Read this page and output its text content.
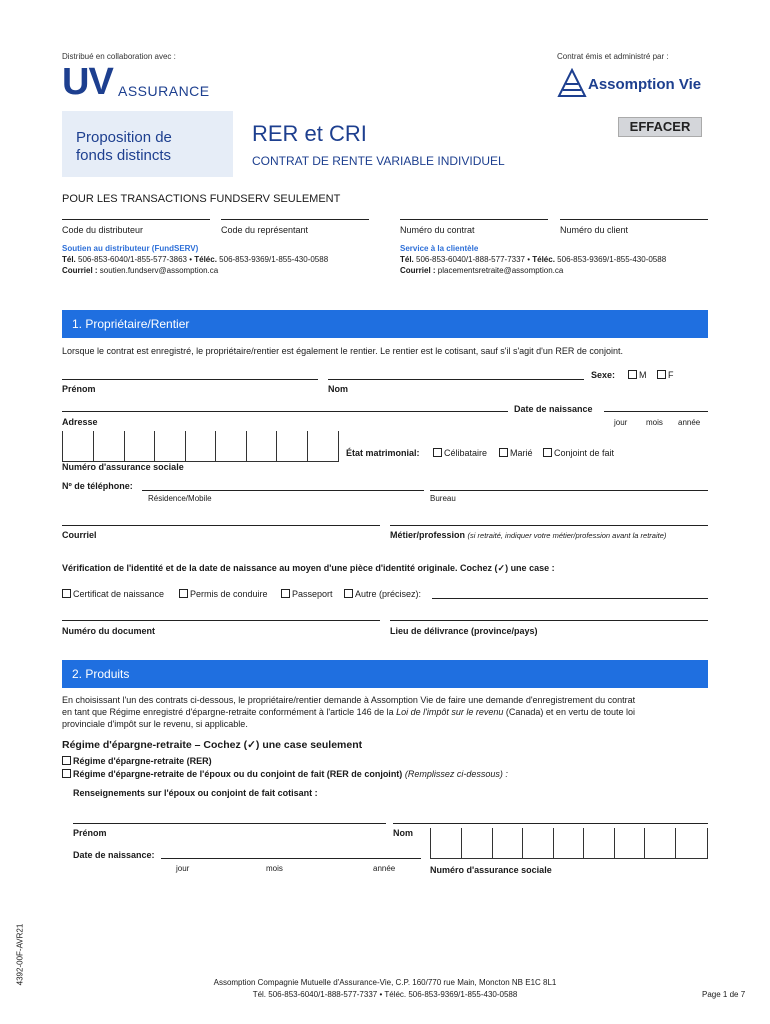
Distribué en collaboration avec :
UV ASSURANCE
Contrat émis et administré par :
Assomption Vie
Proposition de
fonds distincts
RER et CRI
CONTRAT DE RENTE VARIABLE INDIVIDUEL
EFFACER
POUR LES TRANSACTIONS FUNDSERV SEULEMENT
Code du distributeur	Code du représentant	Numéro du contrat	Numéro du client
Soutien au distributeur (FundSERV)
Tél. 506-853-6040/1-855-577-3863 • Téléc. 506-853-9369/1-855-430-0588
Courriel : soutien.fundserv@assomption.ca
Service à la clientèle
Tél. 506-853-6040/1-888-577-7337 • Téléc. 506-853-9369/1-855-430-0588
Courriel : placementsretraite@assomption.ca
1. Propriétaire/Rentier
Lorsque le contrat est enregistré, le propriétaire/rentier est également le rentier. Le rentier est le cotisant, sauf s'il s'agit d'un RER de conjoint.
Sexe:	M	F
Prénom	Nom
Date de naissance
Adresse	jour mois année
Numéro d'assurance sociale
État matrimonial:	Célibataire	Marié	Conjoint de fait
Nº de téléphone:
Résidence/Mobile	Bureau
Courriel	Métier/profession (si retraité, indiquer votre métier/profession avant la retraite)
Vérification de l'identité et de la date de naissance au moyen d'une pièce d'identité originale. Cochez (✓) une case :
Certificat de naissance	Permis de conduire	Passeport	Autre (précisez):
Numéro du document	Lieu de délivrance (province/pays)
2. Produits
En choisissant l'un des contrats ci-dessous, le propriétaire/rentier demande à Assomption Vie de faire une demande d'enregistrement du contrat
en tant que Régime enregistré d'épargne-retraite conformément à l'article 146 de la Loi de l'impôt sur le revenu (Canada) et en vertu de toute loi
provinciale d'impôt sur le revenu, si applicable.
Régime d'épargne-retraite – Cochez (✓) une case seulement
Régime d'épargne-retraite (RER)
Régime d'épargne-retraite de l'époux ou du conjoint de fait (RER de conjoint) (Remplissez ci-dessous) :
Renseignements sur l'époux ou conjoint de fait cotisant :
Prénom	Nom
Date de naissance:
jour	mois	année	Numéro d'assurance sociale
4392-00F-AVR21	Assomption Compagnie Mutuelle d'Assurance-Vie, C.P. 160/770 rue Main, Moncton NB E1C 8L1
Tél. 506-853-6040/1-888-577-7337 • Téléc. 506-853-9369/1-855-430-0588	Page 1 de 7
